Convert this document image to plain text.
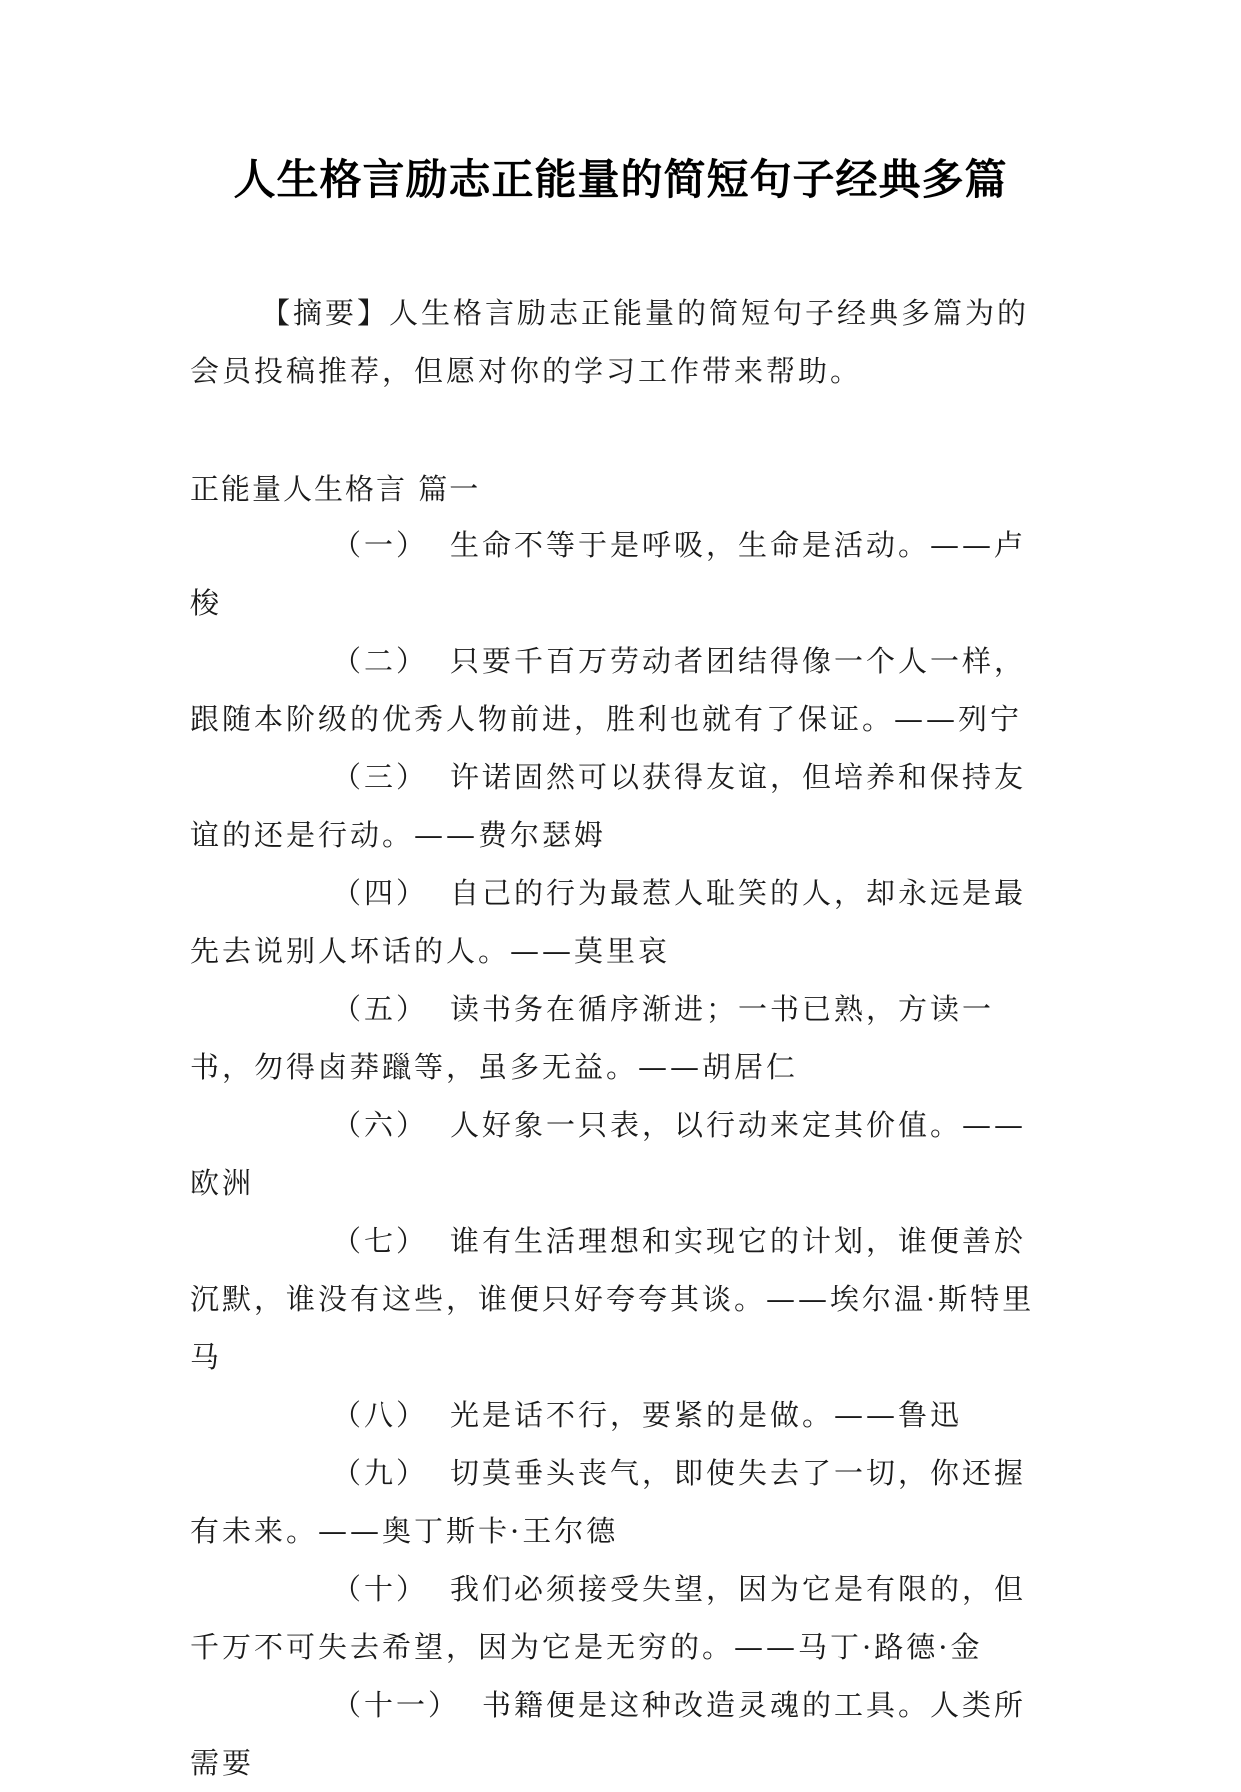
人生格言励志正能量的简短句子经典多篇
【摘要】人生格言励志正能量的简短句子经典多篇为的会员投稿推荐，但愿对你的学习工作带来帮助。
正能量人生格言 篇一

（一） 生命不等于是呼吸，生命是活动。——卢梭

（二） 只要千百万劳动者团结得像一个人一样，跟随本阶级的优秀人物前进，胜利也就有了保证。——列宁

（三） 许诺固然可以获得友谊，但培养和保持友谊的还是行动。——费尔瑟姆

（四） 自己的行为最惹人耻笑的人，却永远是最先去说别人坏话的人。——莫里哀

（五） 读书务在循序渐进；一书已熟，方读一书，勿得卤莽躐等，虽多无益。——胡居仁

（六） 人好象一只表，以行动来定其价值。——欧洲

（七） 谁有生活理想和实现它的计划，谁便善於沉默，谁没有这些，谁便只好夸夸其谈。——埃尔温·斯特里马

（八） 光是话不行，要紧的是做。——鲁迅

（九） 切莫垂头丧气，即使失去了一切，你还握有未来。——奥丁斯卡·王尔德

（十） 我们必须接受失望，因为它是有限的，但千万不可失去希望，因为它是无穷的。——马丁·路德·金

（十一） 书籍便是这种改造灵魂的工具。人类所需要
